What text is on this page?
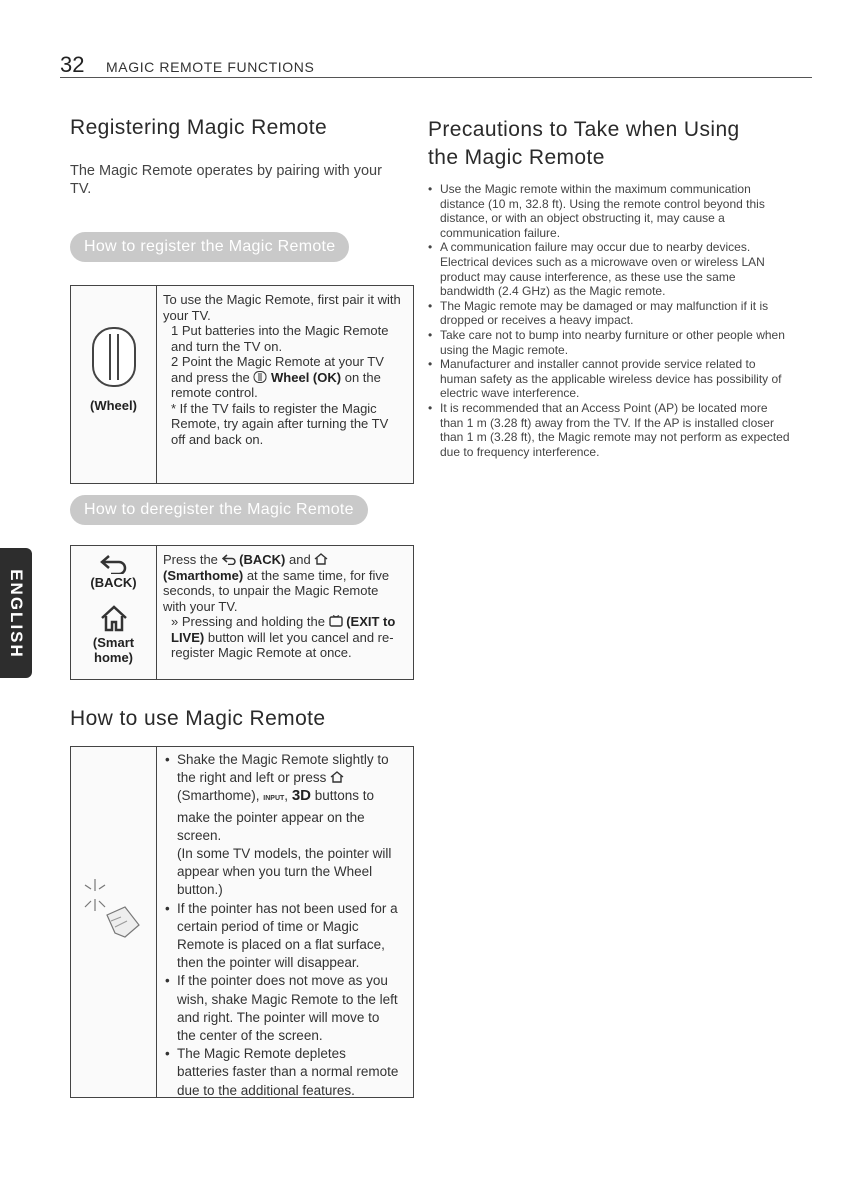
32 MAGIC REMOTE FUNCTIONS
ENGLISH
Registering Magic Remote

The Magic Remote operates by pairing with your TV.

How to register the Magic Remote
(Wheel)

To use the Magic Remote, first pair it with your TV.

1 Put batteries into the Magic Remote and turn the TV on.

2 Point the Magic Remote at your TV and press the Wheel (OK) on the remote control.

* If the TV fails to register the Magic Remote, try again after turning the TV off and back on.

How to deregister the Magic Remote
(BACK)
(Smart
home)

Press the (BACK) and  (Smarthome) at the same time, for five seconds, to unpair the Magic Remote with your TV.

» Pressing and holding the (EXIT to LIVE) button will let you cancel and re-register Magic Remote at once.

How to use Magic Remote
• Shake the Magic Remote slightly to the right and left or press  (Smarthome), INPUT, 3D buttons to make the pointer appear on the screen.
(In some TV models, the pointer will appear when you turn the Wheel button.)
• If the pointer has not been used for a certain period of time or Magic Remote is placed on a flat surface, then the pointer will disappear.
• If the pointer does not move as you wish, shake Magic Remote to the left and right. The pointer will move to the center of the screen.
• The Magic Remote depletes batteries faster than a normal remote due to the additional features.
Precautions to Take when Using
the Magic Remote
• Use the Magic remote within the maximum communication distance (10 m, 32.8 ft). Using the remote control beyond this distance, or with an object obstructing it, may cause a communication failure.
• A communication failure may occur due to nearby devices. Electrical devices such as a microwave oven or wireless LAN product may cause interference, as these use the same bandwidth (2.4 GHz) as the Magic remote.
• The Magic remote may be damaged or may malfunction if it is dropped or receives a heavy impact.
• Take care not to bump into nearby furniture or other people when using the Magic remote.
• Manufacturer and installer cannot provide service related to human safety as the applicable wireless device has possibility of electric wave interference.
• It is recommended that an Access Point (AP) be located more than 1 m (3.28 ft) away from the TV. If the AP is installed closer than 1 m (3.28 ft), the Magic remote may not perform as expected due to frequency interference.
